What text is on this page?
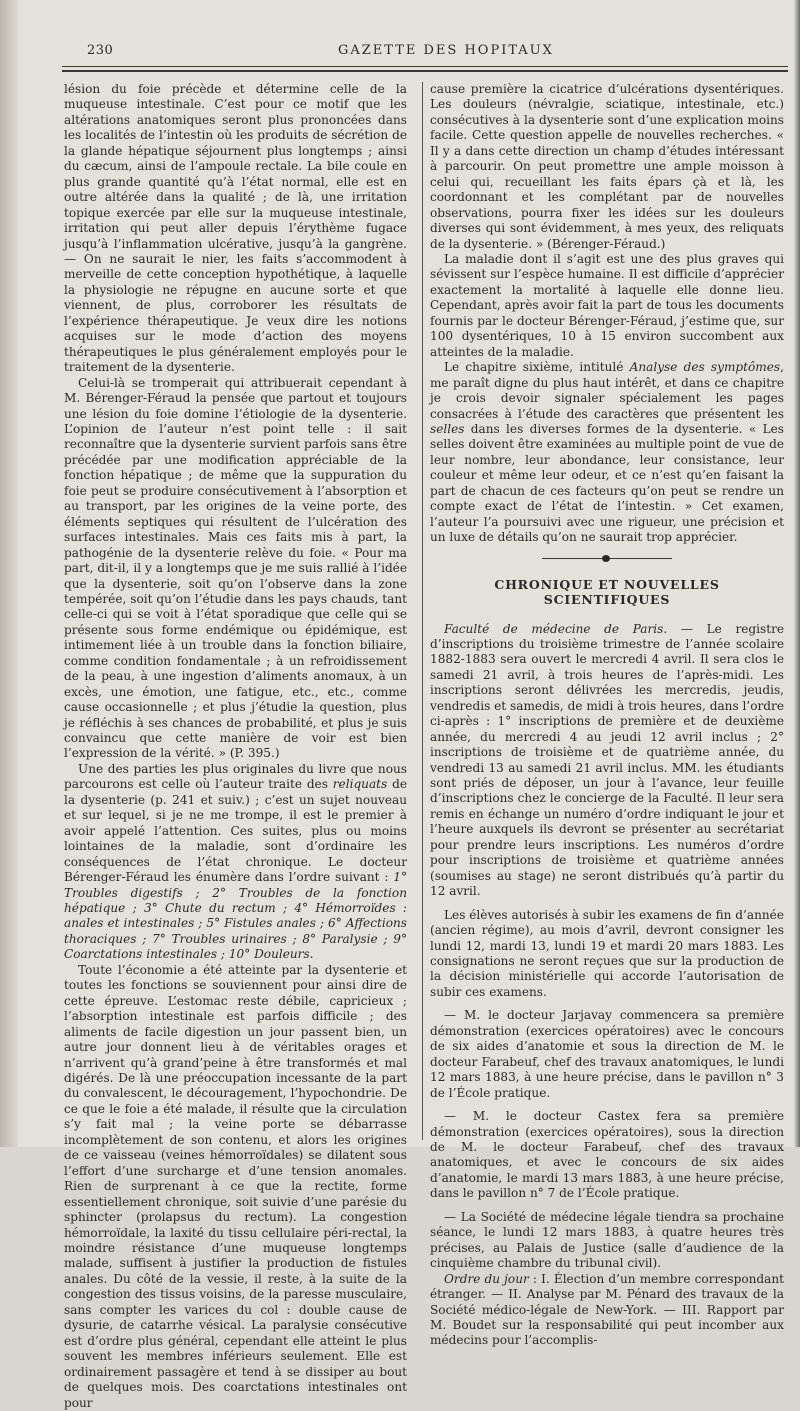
230	GAZETTE DES HOPITAUX

lésion du foie précède et détermine celle de la muqueuse intestinale. C’est pour ce motif que les altérations anatomiques seront plus prononcées dans les localités de l’intestin où les produits de sécrétion de la glande hépatique séjournent plus longtemps ; ainsi du cæcum, ainsi de l’ampoule rectale. La bile coule en plus grande quantité qu’à l’état normal, elle est en outre altérée dans la qualité ; de là, une irritation topique exercée par elle sur la muqueuse intestinale, irritation qui peut aller depuis l’érythème fugace jusqu’à l’inflammation ulcérative, jusqu’à la gangrène. — On ne saurait le nier, les faits s’accommodent à merveille de cette conception hypothétique, à laquelle la physiologie ne répugne en aucune sorte et que viennent, de plus, corroborer les résultats de l’expérience thérapeutique. Je veux dire les notions acquises sur le mode d’action des moyens thérapeutiques le plus généralement employés pour le traitement de la dysenterie.

Celui-là se tromperait qui attribuerait cependant à M. Bérenger-Féraud la pensée que partout et toujours une lésion du foie domine l’étiologie de la dysenterie. L’opinion de l’auteur n’est point telle : il sait reconnaître que la dysenterie survient parfois sans être précédée par une modification appréciable de la fonction hépatique ; de même que la suppuration du foie peut se produire consécutivement à l’absorption et au transport, par les origines de la veine porte, des éléments septiques qui résultent de l’ulcération des surfaces intestinales. Mais ces faits mis à part, la pathogénie de la dysenterie relève du foie. « Pour ma part, dit-il, il y a longtemps que je me suis rallié à l’idée que la dysenterie, soit qu’on l’observe dans la zone tempérée, soit qu’on l’étudie dans les pays chauds, tant celle-ci qui se voit à l’état sporadique que celle qui se présente sous forme endémique ou épidémique, est intimement liée à un trouble dans la fonction biliaire, comme condition fondamentale ; à un refroidissement de la peau, à une ingestion d’aliments anomaux, à un excès, une émotion, une fatigue, etc., etc., comme cause occasionnelle ; et plus j’étudie la question, plus je réfléchis à ses chances de probabilité, et plus je suis convaincu que cette manière de voir est bien l’expression de la vérité. » (P. 395.)

Une des parties les plus originales du livre que nous parcourons est celle où l’auteur traite des reliquats de la dysenterie (p. 241 et suiv.) ; c’est un sujet nouveau et sur lequel, si je ne me trompe, il est le premier à avoir appelé l’attention. Ces suites, plus ou moins lointaines de la maladie, sont d’ordinaire les conséquences de l’état chronique. Le docteur Bérenger-Féraud les énumère dans l’ordre suivant : 1° Troubles digestifs ; 2° Troubles de la fonction hépatique ; 3° Chute du rectum ; 4° Hémorroïdes : anales et intestinales ; 5° Fistules anales ; 6° Affections thoraciques ; 7° Troubles urinaires ; 8° Paralysie ; 9° Coarctations intestinales ; 10° Douleurs.

Toute l’économie a été atteinte par la dysenterie et toutes les fonctions se souviennent pour ainsi dire de cette épreuve. L’estomac reste débile, capricieux ; l’absorption intestinale est parfois difficile ; des aliments de facile digestion un jour passent bien, un autre jour donnent lieu à de véritables orages et n’arrivent qu’à grand’peine à être transformés et mal digérés. De là une préoccupation incessante de la part du convalescent, le découragement, l’hypochondrie. De ce que le foie a été malade, il résulte que la circulation s’y fait mal ; la veine porte se débarrasse incomplètement de son contenu, et alors les origines de ce vaisseau (veines hémorroïdales) se dilatent sous l’effort d’une surcharge et d’une tension anomales. Rien de surprenant à ce que la rectite, forme essentiellement chronique, soit suivie d’une parésie du sphincter (prolapsus du rectum). La congestion hémorroïdale, la laxité du tissu cellulaire péri-rectal, la moindre résistance d’une muqueuse longtemps malade, suffisent à justifier la production de fistules anales. Du côté de la vessie, il reste, à la suite de la congestion des tissus voisins, de la paresse musculaire, sans compter les varices du col : double cause de dysurie, de catarrhe vésical. La paralysie consécutive est d’ordre plus général, cependant elle atteint le plus souvent les membres inférieurs seulement. Elle est ordinairement passagère et tend à se dissiper au bout de quelques mois. Des coarctations intestinales ont pour

cause première la cicatrice d’ulcérations dysentériques. Les douleurs (névralgie, sciatique, intestinale, etc.) consécutives à la dysenterie sont d’une explication moins facile. Cette question appelle de nouvelles recherches. « Il y a dans cette direction un champ d’études intéressant à parcourir. On peut promettre une ample moisson à celui qui, recueillant les faits épars çà et là, les coordonnant et les complétant par de nouvelles observations, pourra fixer les idées sur les douleurs diverses qui sont évidemment, à mes yeux, des reliquats de la dysenterie. » (Bérenger-Féraud.)

La maladie dont il s’agit est une des plus graves qui sévissent sur l’espèce humaine. Il est difficile d’apprécier exactement la mortalité à laquelle elle donne lieu. Cependant, après avoir fait la part de tous les documents fournis par le docteur Bérenger-Féraud, j’estime que, sur 100 dysentériques, 10 à 15 environ succombent aux atteintes de la maladie.

Le chapitre sixième, intitulé Analyse des symptômes, me paraît digne du plus haut intérêt, et dans ce chapitre je crois devoir signaler spécialement les pages consacrées à l’étude des caractères que présentent les selles dans les diverses formes de la dysenterie. « Les selles doivent être examinées au multiple point de vue de leur nombre, leur abondance, leur consistance, leur couleur et même leur odeur, et ce n’est qu’en faisant la part de chacun de ces facteurs qu’on peut se rendre un compte exact de l’état de l’intestin. » Cet examen, l’auteur l’a poursuivi avec une rigueur, une précision et un luxe de détails qu’on ne saurait trop apprécier.

CHRONIQUE ET NOUVELLES SCIENTIFIQUES

Faculté de médecine de Paris. — Le registre d’inscriptions du troisième trimestre de l’année scolaire 1882-1883 sera ouvert le mercredi 4 avril. Il sera clos le samedi 21 avril, à trois heures de l’après-midi. Les inscriptions seront délivrées les mercredis, jeudis, vendredis et samedis, de midi à trois heures, dans l’ordre ci-après : 1° inscriptions de première et de deuxième année, du mercredi 4 au jeudi 12 avril inclus ; 2° inscriptions de troisième et de quatrième année, du vendredi 13 au samedi 21 avril inclus. MM. les étudiants sont priés de déposer, un jour à l’avance, leur feuille d’inscriptions chez le concierge de la Faculté. Il leur sera remis en échange un numéro d’ordre indiquant le jour et l’heure auxquels ils devront se présenter au secrétariat pour prendre leurs inscriptions. Les numéros d’ordre pour inscriptions de troisième et quatrième années (soumises au stage) ne seront distribués qu’à partir du 12 avril.

Les élèves autorisés à subir les examens de fin d’année (ancien régime), au mois d’avril, devront consigner les lundi 12, mardi 13, lundi 19 et mardi 20 mars 1883. Les consignations ne seront reçues que sur la production de la décision ministérielle qui accorde l’autorisation de subir ces examens.

— M. le docteur Jarjavay commencera sa première démonstration (exercices opératoires) avec le concours de six aides d’anatomie et sous la direction de M. le docteur Farabeuf, chef des travaux anatomiques, le lundi 12 mars 1883, à une heure précise, dans le pavillon n° 3 de l’École pratique.

— M. le docteur Castex fera sa première démonstration (exercices opératoires), sous la direction de M. le docteur Farabeuf, chef des travaux anatomiques, et avec le concours de six aides d’anatomie, le mardi 13 mars 1883, à une heure précise, dans le pavillon n° 7 de l’École pratique.

— La Société de médecine légale tiendra sa prochaine séance, le lundi 12 mars 1883, à quatre heures très précises, au Palais de Justice (salle d’audience de la cinquième chambre du tribunal civil).

Ordre du jour : I. Élection d’un membre correspondant étranger. — II. Analyse par M. Pénard des travaux de la Société médico-légale de New-York. — III. Rapport par M. Boudet sur la responsabilité qui peut incomber aux médecins pour l’accomplis-
